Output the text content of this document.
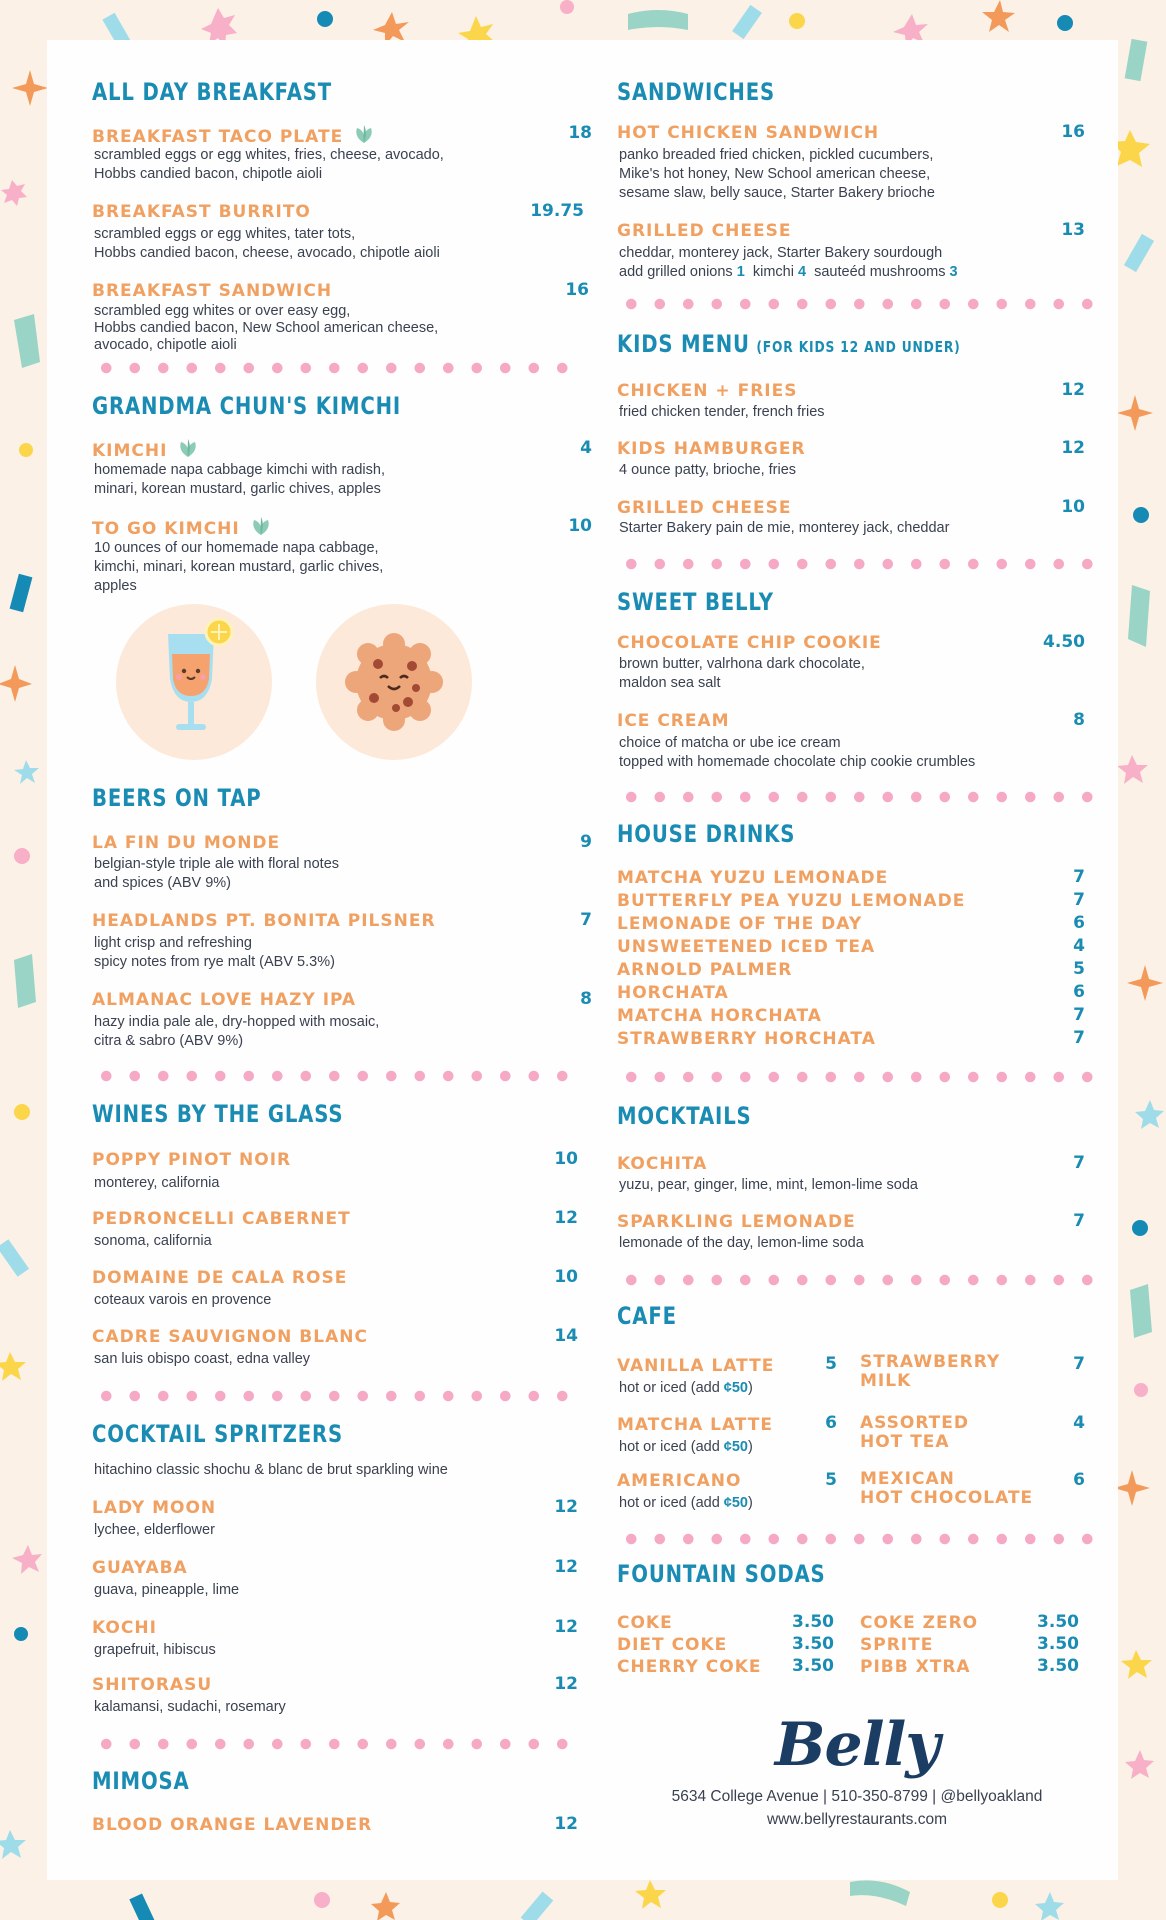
ALL DAY BREAKFAST
BREAKFAST TACO PLATE	18
scrambled eggs or egg whites, fries, cheese, avocado,
Hobbs candied bacon, chipotle aioli
BREAKFAST BURRITO	19.75
scrambled eggs or egg whites, tater tots,
Hobbs candied bacon, cheese, avocado, chipotle aioli
BREAKFAST SANDWICH	16
scrambled egg whites or over easy egg,
Hobbs candied bacon, New School american cheese,
avocado, chipotle aioli
GRANDMA CHUN'S KIMCHI
KIMCHI	4
homemade napa cabbage kimchi with radish,
minari, korean mustard, garlic chives, apples
TO GO KIMCHI	10
10 ounces of our homemade napa cabbage,
kimchi, minari, korean mustard, garlic chives,
apples
BEERS ON TAP
LA FIN DU MONDE	9
belgian-style triple ale with floral notes
and spices (ABV 9%)
HEADLANDS PT. BONITA PILSNER	7
light crisp and refreshing
spicy notes from rye malt (ABV 5.3%)
ALMANAC LOVE HAZY IPA	8
hazy india pale ale, dry-hopped with mosaic,
citra & sabro (ABV 9%)
WINES BY THE GLASS
POPPY PINOT NOIR	10
monterey, california
PEDRONCELLI CABERNET	12
sonoma, california
DOMAINE DE CALA ROSE	10
coteaux varois en provence
CADRE SAUVIGNON BLANC	14
san luis obispo coast, edna valley
COCKTAIL SPRITZERS
hitachino classic shochu & blanc de brut sparkling wine
LADY MOON	12
lychee, elderflower
GUAYABA	12
guava, pineapple, lime
KOCHI	12
grapefruit, hibiscus
SHITORASU	12
kalamansi, sudachi, rosemary
MIMOSA
BLOOD ORANGE LAVENDER	12
SANDWICHES
HOT CHICKEN SANDWICH	16
panko breaded fried chicken, pickled cucumbers,
Mike's hot honey, New School american cheese,
sesame slaw, belly sauce, Starter Bakery brioche
GRILLED CHEESE	13
cheddar, monterey jack, Starter Bakery sourdough
add grilled onions 1 kimchi 4 sauteéd mushrooms 3
KIDS MENU (FOR KIDS 12 AND UNDER)
CHICKEN + FRIES	12
fried chicken tender, french fries
KIDS HAMBURGER	12
4 ounce patty, brioche, fries
GRILLED CHEESE	10
Starter Bakery pain de mie, monterey jack, cheddar
SWEET BELLY
CHOCOLATE CHIP COOKIE	4.50
brown butter, valrhona dark chocolate,
maldon sea salt
ICE CREAM	8
choice of matcha or ube ice cream
topped with homemade chocolate chip cookie crumbles
HOUSE DRINKS
MATCHA YUZU LEMONADE	7
BUTTERFLY PEA YUZU LEMONADE	7
LEMONADE OF THE DAY	6
UNSWEETENED ICED TEA	4
ARNOLD PALMER	5
HORCHATA	6
MATCHA HORCHATA	7
STRAWBERRY HORCHATA	7
MOCKTAILS
KOCHITA	7
yuzu, pear, ginger, lime, mint, lemon-lime soda
SPARKLING LEMONADE	7
lemonade of the day, lemon-lime soda
CAFE
VANILLA LATTE	5
hot or iced (add ¢50)
MATCHA LATTE	6
hot or iced (add ¢50)
AMERICANO	5
hot or iced (add ¢50)
STRAWBERRY
MILK
7
ASSORTED
HOT TEA
4
MEXICAN
HOT CHOCOLATE
6
FOUNTAIN SODAS
COKE	3.50
DIET COKE	3.50
CHERRY COKE	3.50
COKE ZERO	3.50
SPRITE	3.50
PIBB XTRA	3.50
Belly
5634 College Avenue | 510-350-8799 | @bellyoakland
www.bellyrestaurants.com
